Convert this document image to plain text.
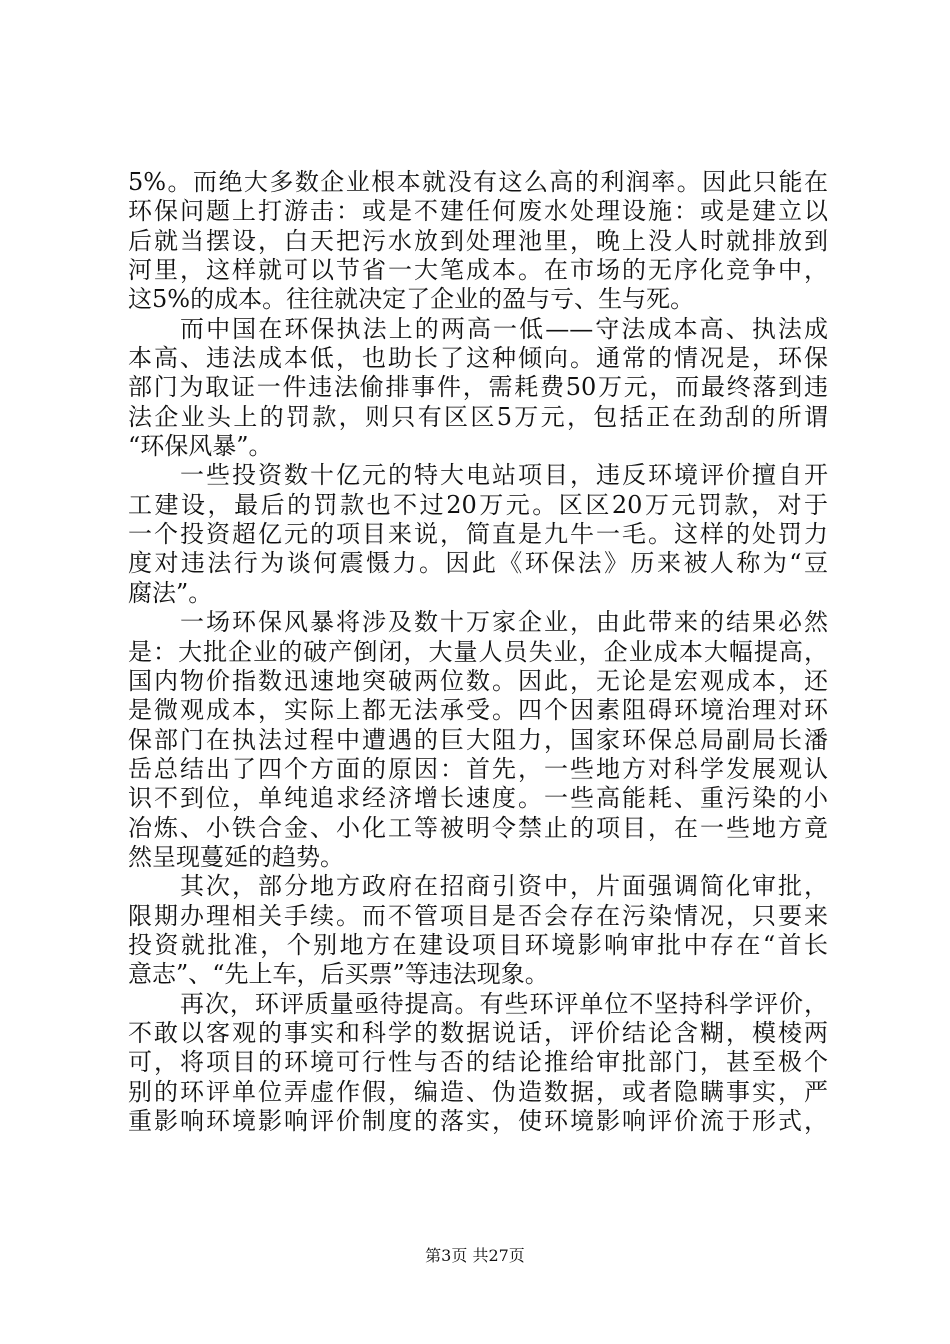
5%。而绝大多数企业根本就没有这么高的利润率。因此只能在
环保问题上打游击：或是不建任何废水处理设施：或是建立以
后就当摆设，白天把污水放到处理池里，晚上没人时就排放到
河里，这样就可以节省一大笔成本。在市场的无序化竞争中，
这5%的成本。往往就决定了企业的盈与亏、生与死。
而中国在环保执法上的两高一低——守法成本高、执法成
本高、违法成本低，也助长了这种倾向。通常的情况是，环保
部门为取证一件违法偷排事件，需耗费50万元，而最终落到违
法企业头上的罚款，则只有区区5万元，包括正在劲刮的所谓
“环保风暴”。
一些投资数十亿元的特大电站项目，违反环境评价擅自开
工建设，最后的罚款也不过20万元。区区20万元罚款，对于
一个投资超亿元的项目来说，简直是九牛一毛。这样的处罚力
度对违法行为谈何震慑力。因此《环保法》历来被人称为“豆
腐法”。
一场环保风暴将涉及数十万家企业，由此带来的结果必然
是：大批企业的破产倒闭，大量人员失业，企业成本大幅提高，
国内物价指数迅速地突破两位数。因此，无论是宏观成本，还
是微观成本，实际上都无法承受。四个因素阻碍环境治理对环
保部门在执法过程中遭遇的巨大阻力，国家环保总局副局长潘
岳总结出了四个方面的原因：首先，一些地方对科学发展观认
识不到位，单纯追求经济增长速度。一些高能耗、重污染的小
冶炼、小铁合金、小化工等被明令禁止的项目，在一些地方竟
然呈现蔓延的趋势。
其次，部分地方政府在招商引资中，片面强调简化审批，
限期办理相关手续。而不管项目是否会存在污染情况，只要来
投资就批准，个别地方在建设项目环境影响审批中存在“首长
意志”、“先上车，后买票”等违法现象。
再次，环评质量亟待提高。有些环评单位不坚持科学评价，
不敢以客观的事实和科学的数据说话，评价结论含糊，模棱两
可，将项目的环境可行性与否的结论推给审批部门，甚至极个
别的环评单位弄虚作假，编造、伪造数据，或者隐瞒事实，严
重影响环境影响评价制度的落实，使环境影响评价流于形式，
第3页 共27页
